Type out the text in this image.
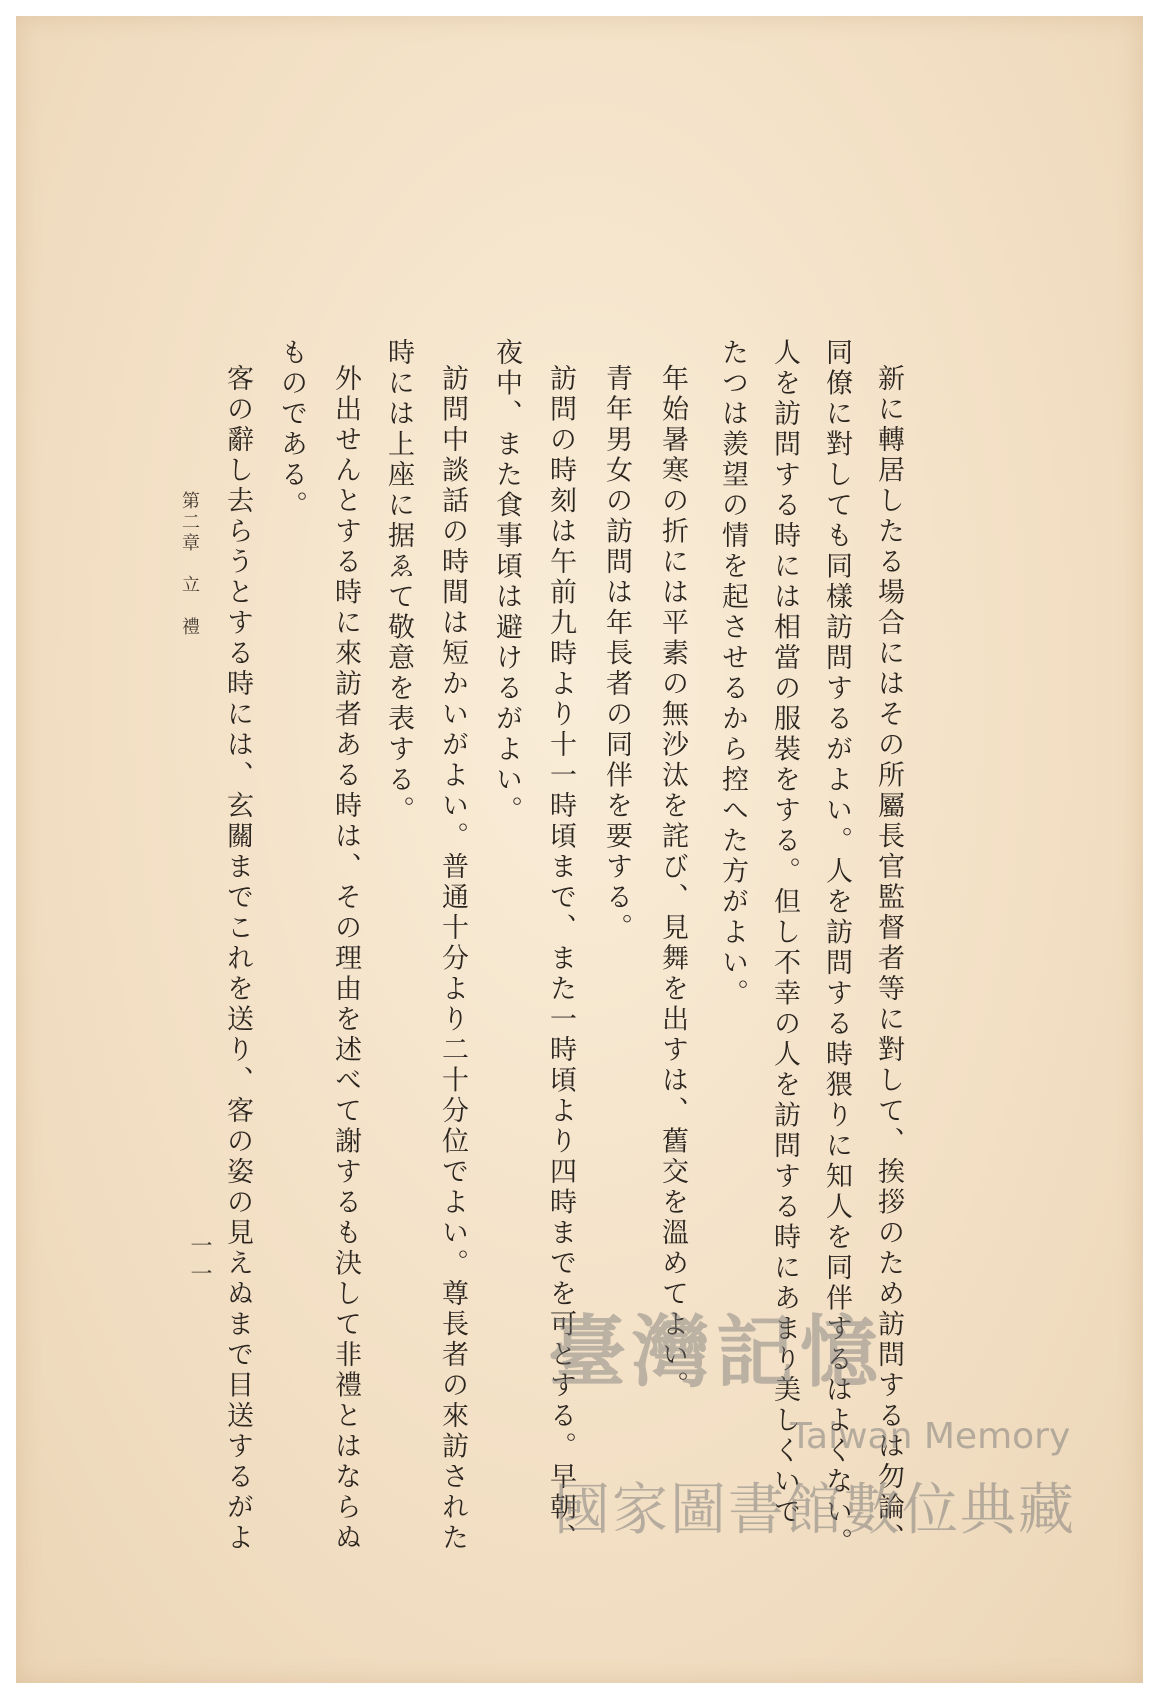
新に轉居したる場合にはその所屬長官監督者等に對して、挨拶のため訪問するは勿論、
同僚に對しても同樣訪問するがよい。人を訪問する時猥りに知人を同伴するはよくない。
人を訪問する時には相當の服裝をする。但し不幸の人を訪問する時にあまり美しくいで
たつは羨望の情を起させるから控へた方がよい。
年始暑寒の折には平素の無沙汰を詫び、見舞を出すは、舊交を溫めてよい。
青年男女の訪問は年長者の同伴を要する。
訪問の時刻は午前九時より十一時頃まで、また一時頃より四時までを可とする。早朝、
夜中、また食事頃は避けるがよい。
訪問中談話の時間は短かいがよい。普通十分より二十分位でよい。尊長者の來訪された
時には上座に据ゑて敬意を表する。
外出せんとする時に來訪者ある時は、その理由を述べて謝するも決して非禮とはならぬ
ものである。
客の辭し去らうとする時には、玄關までこれを送り、客の姿の見えぬまで目送するがよ
第二章　立　禮
一一
臺灣記憶
Taiwan Memory
國家圖書館數位典藏
